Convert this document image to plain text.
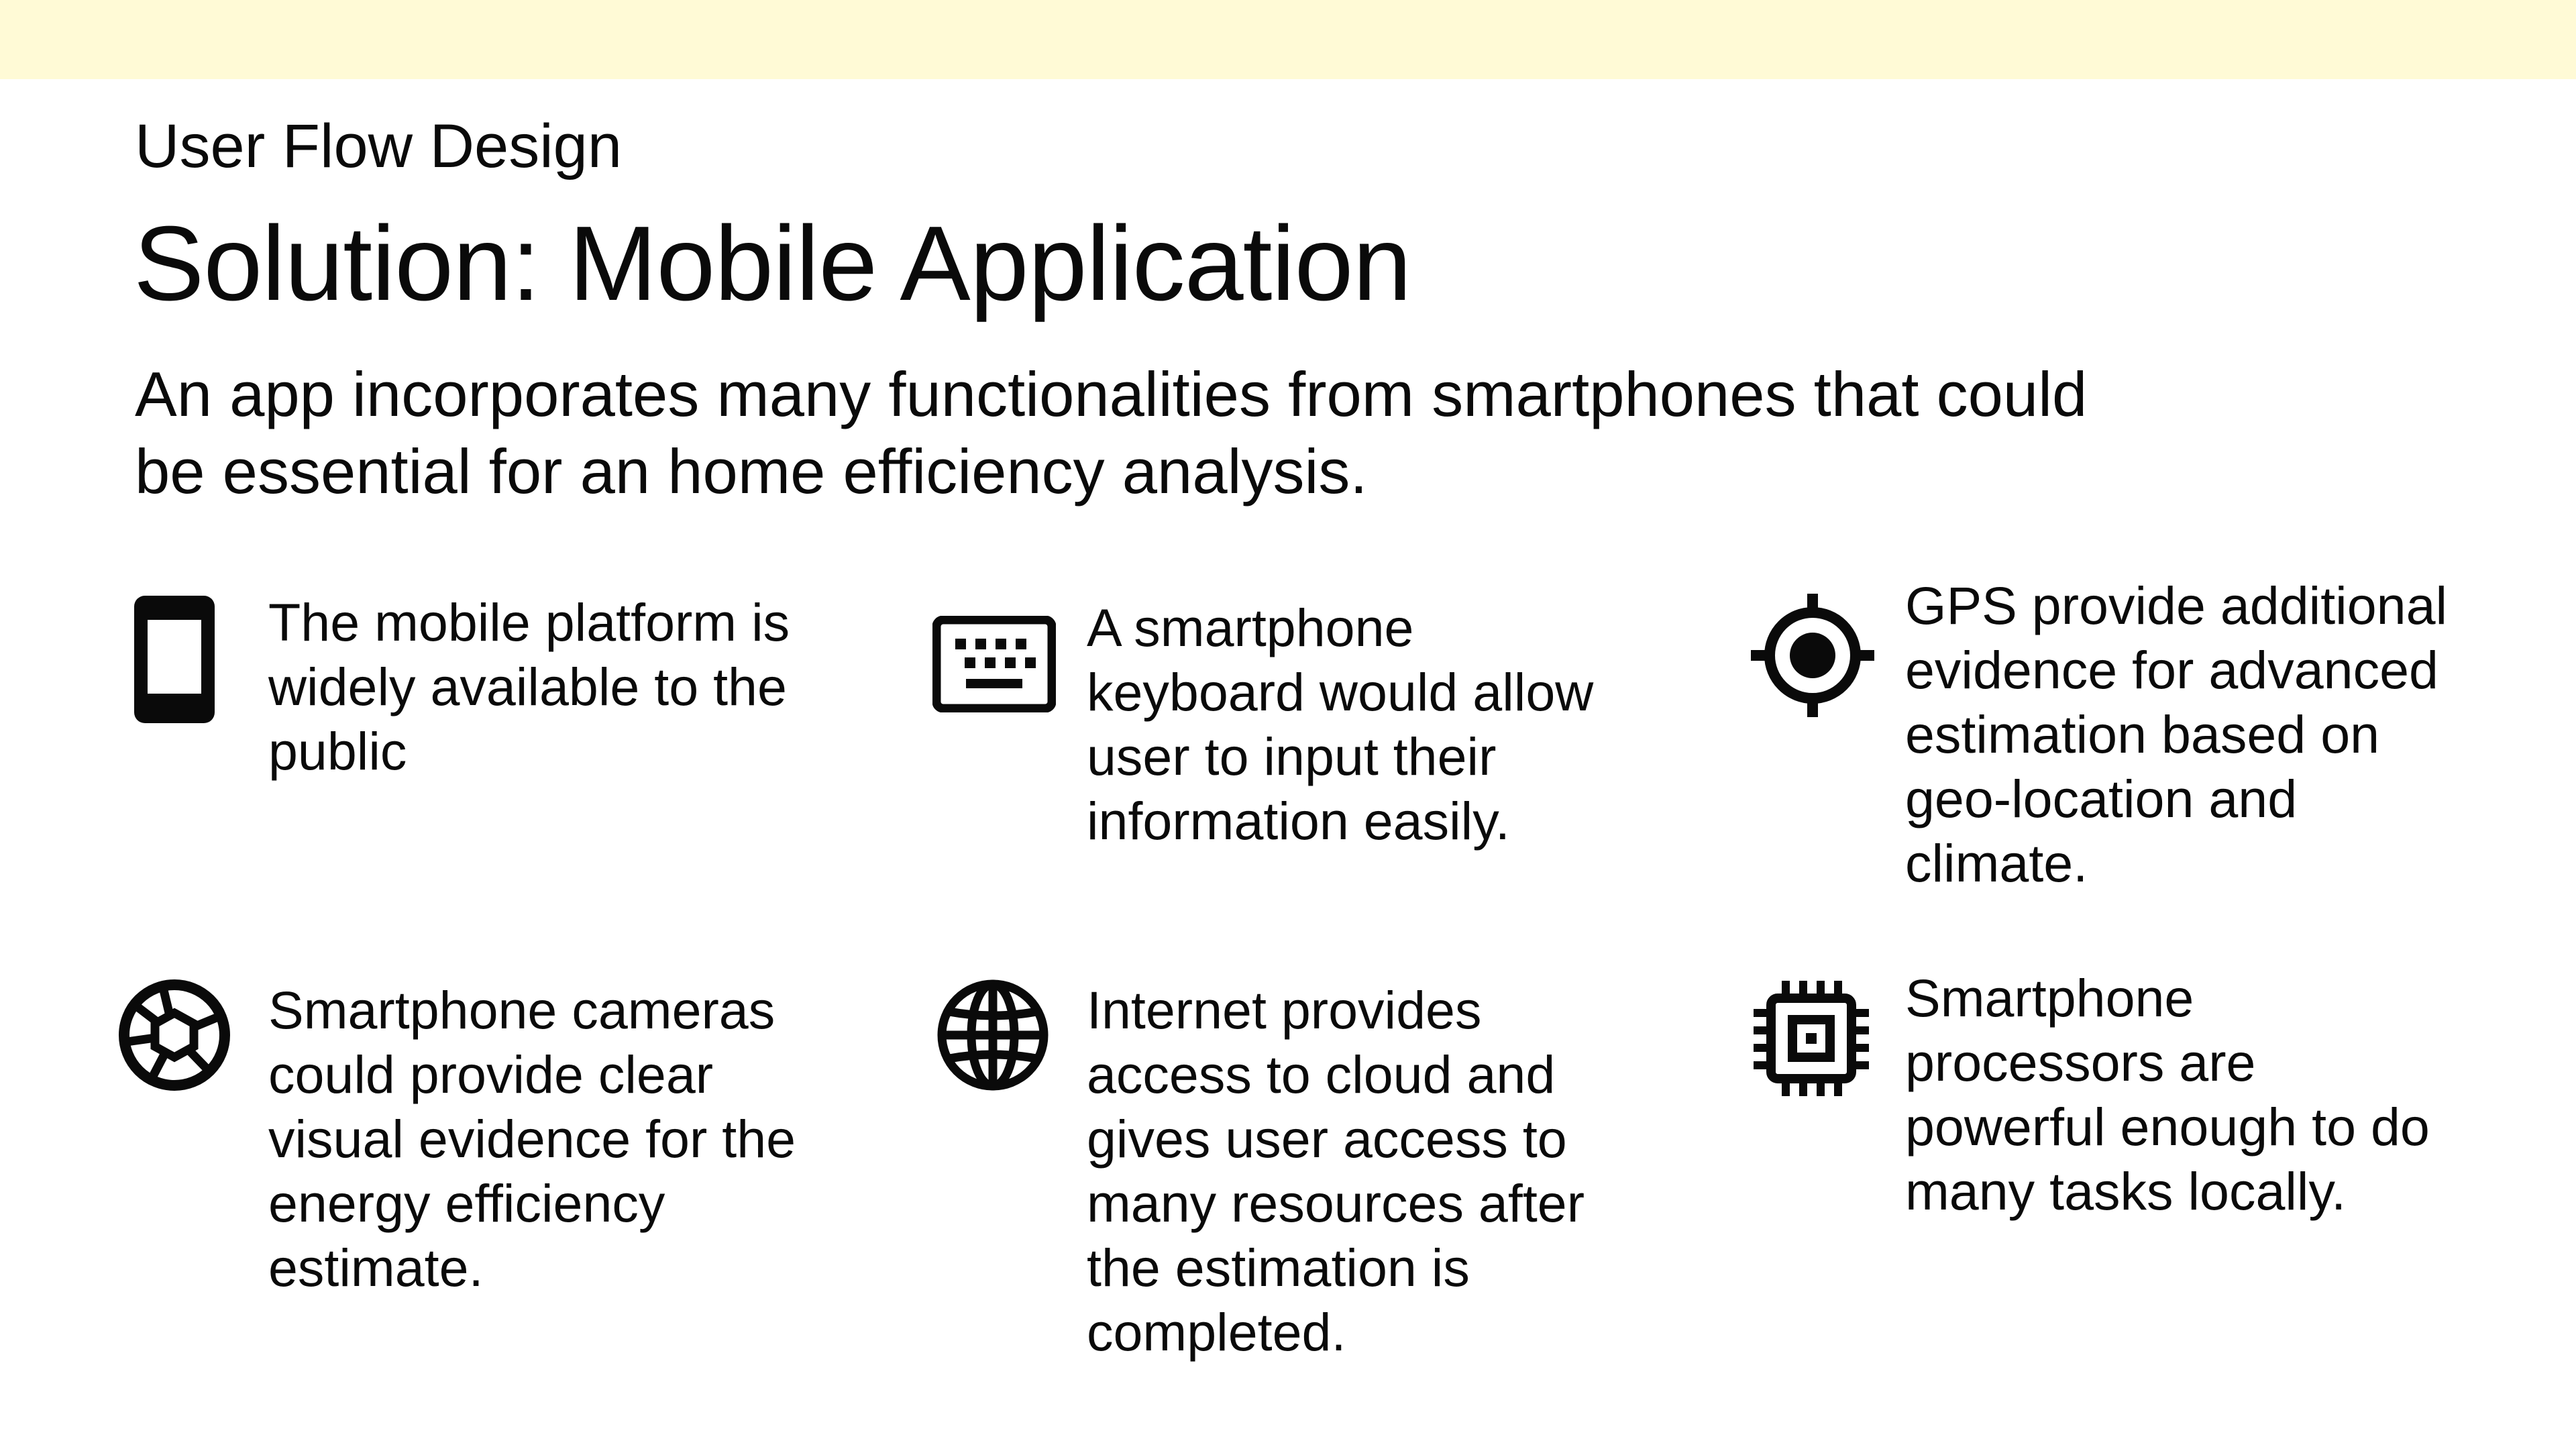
User Flow Design
Solution: Mobile Application
An app incorporates many functionalities from smartphones that could
be essential for an home efficiency analysis.
The mobile platform is
widely available to the
public
A smartphone
keyboard would allow
user to input their
information easily.
GPS provide additional
evidence for advanced
estimation based on
geo-location and
climate.
Smartphone cameras
could provide clear
visual evidence for the
energy efficiency
estimate.
Internet provides
access to cloud and
gives user access to
many resources after
the estimation is
completed.
Smartphone
processors are
powerful enough to do
many tasks locally.
